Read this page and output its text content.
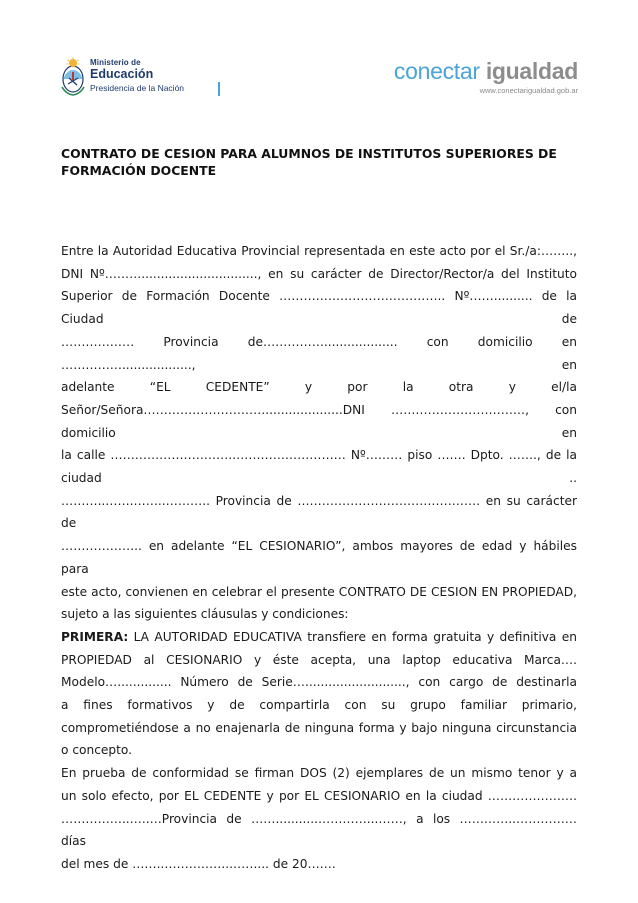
Ministerio de
Educación
Presidencia de la Nación
conectar igualdad
www.conectarigualdad.gob.ar
CONTRATO DE CESION PARA ALUMNOS DE INSTITUTOS SUPERIORES DE
FORMACIÓN DOCENTE
Entre la Autoridad Educativa Provincial representada en este acto por el Sr./a:……..,
DNI Nº……….............................., en su carácter de Director/Rector/a del Instituto
Superior de Formación Docente ………………………………….. Nº…….......... de la Ciudad de
……………… Provincia de……………................... con domicilio en …………….................., en
adelante “EL CEDENTE” y por la otra y el/la
Señor/Señora…………………………....................DNI ……………………………, con domicilio en
la calle ………………………….……………………… Nº……… piso ……. Dpto. ……., de la ciudad ..
………..…….……..……….. Provincia de ……………………………………… en su carácter de
……………….. en adelante “EL CESIONARIO”, ambos mayores de edad y hábiles para
este acto, convienen en celebrar el presente CONTRATO DE CESION EN PROPIEDAD,
sujeto a las siguientes cláusulas y condiciones:
PRIMERA: LA AUTORIDAD EDUCATIVA transfiere en forma gratuita y definitiva en
PROPIEDAD al CESIONARIO y éste acepta, una laptop educativa Marca….
Modelo….............. Número de Serie….........................., con cargo de destinarla
a fines formativos y de compartirla con su grupo familiar primario,
comprometiéndose a no enajenarla de ninguna forma y bajo ninguna circunstancia
o concepto.
En prueba de conformidad se firman DOS (2) ejemplares de un mismo tenor y a
un solo efecto, por EL CEDENTE y por EL CESIONARIO en la ciudad ………………….
……………..…..…Provincia de ……...........…………...……, a los …………..…………… días
del mes de ……..……………..……... de 20…….
